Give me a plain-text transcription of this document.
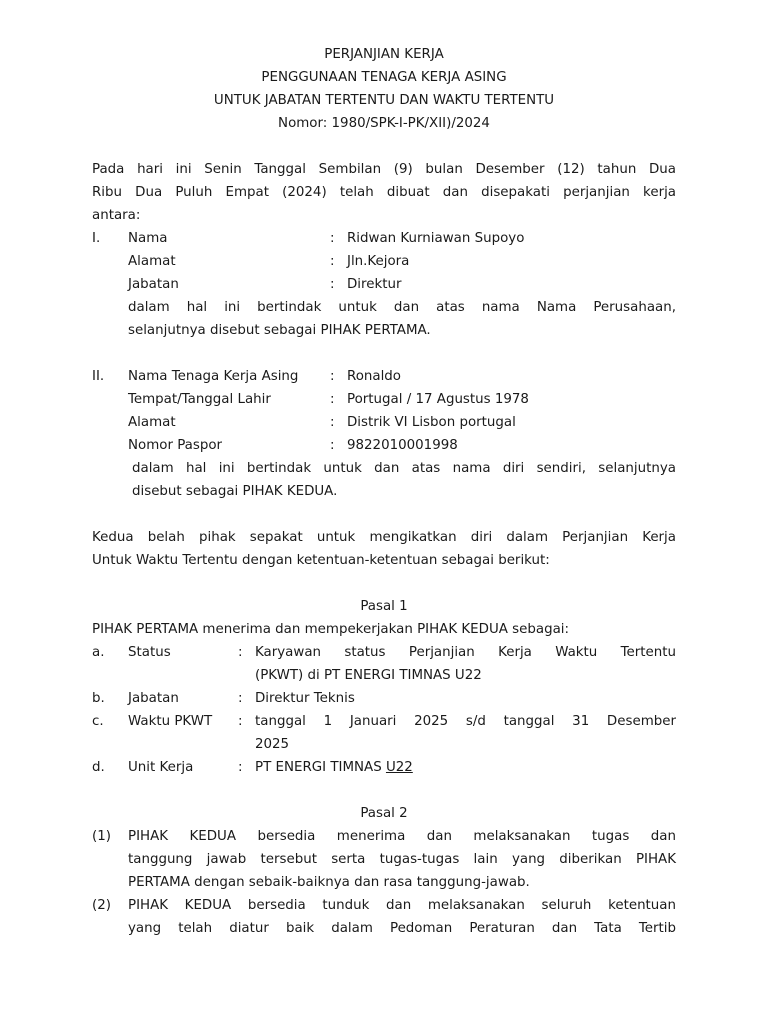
PERJANJIAN KERJA
PENGGUNAAN TENAGA KERJA ASING
UNTUK JABATAN TERTENTU DAN WAKTU TERTENTU
Nomor: 1980/SPK-I-PK/XII)/2024
Pada hari ini Senin Tanggal Sembilan (9) bulan Desember (12) tahun Dua
Ribu Dua Puluh Empat (2024) telah dibuat dan disepakati perjanjian kerja
antara:
I.	Nama	: Ridwan Kurniawan Supoyo
Alamat	: Jln.Kejora
Jabatan	: Direktur
dalam hal ini bertindak untuk dan atas nama Nama Perusahaan,
selanjutnya disebut sebagai PIHAK PERTAMA.
II.	Nama Tenaga Kerja Asing	: Ronaldo
Tempat/Tanggal Lahir	: Portugal / 17 Agustus 1978
Alamat	: Distrik VI Lisbon portugal
Nomor Paspor	: 9822010001998
dalam hal ini bertindak untuk dan atas nama diri sendiri, selanjutnya
disebut sebagai PIHAK KEDUA.
Kedua belah pihak sepakat untuk mengikatkan diri dalam Perjanjian Kerja
Untuk Waktu Tertentu dengan ketentuan-ketentuan sebagai berikut:
Pasal 1
PIHAK PERTAMA menerima dan mempekerjakan PIHAK KEDUA sebagai:
a.	Status	: Karyawan status Perjanjian Kerja Waktu Tertentu
(PKWT) di PT ENERGI TIMNAS U22
b.	Jabatan	: Direktur Teknis
c.	Waktu PKWT	: tanggal 1 Januari 2025 s/d tanggal 31 Desember
2025
d.	Unit Kerja	: PT ENERGI TIMNAS U22
Pasal 2
(1)	PIHAK KEDUA bersedia menerima dan melaksanakan tugas dan
tanggung jawab tersebut serta tugas-tugas lain yang diberikan PIHAK
PERTAMA dengan sebaik-baiknya dan rasa tanggung-jawab.
(2)	PIHAK KEDUA bersedia tunduk dan melaksanakan seluruh ketentuan
yang telah diatur baik dalam Pedoman Peraturan dan Tata Tertib
